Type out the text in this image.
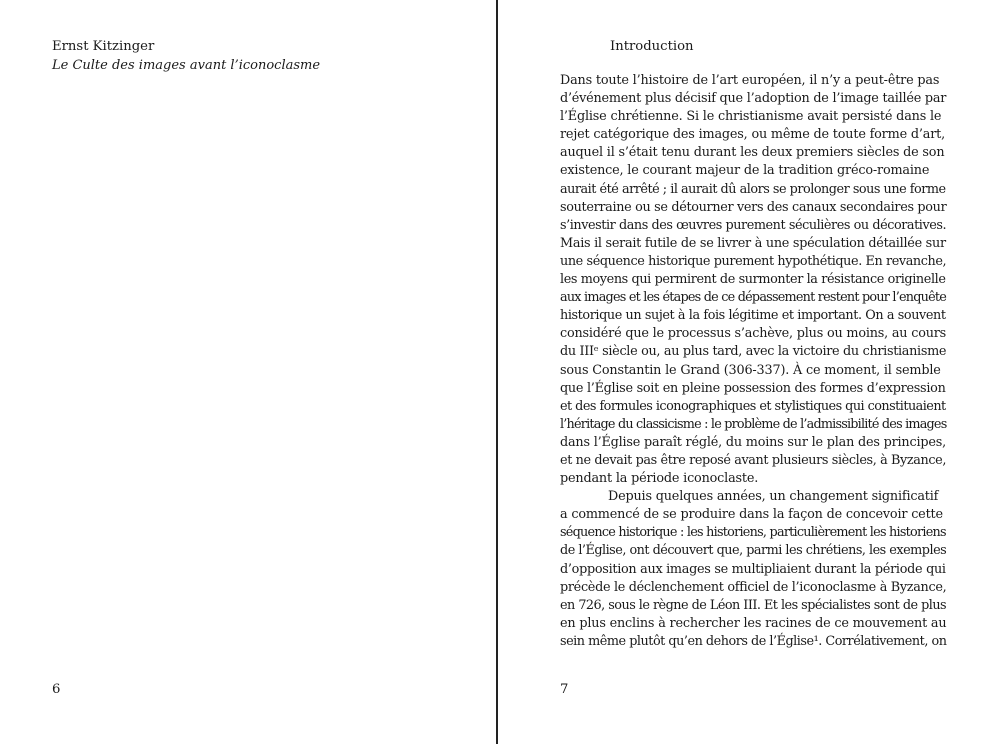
Ernst Kitzinger
Le Culte des images avant l’iconoclasme
6
Introduction
Dans toute l’histoire de l’art européen, il n’y a peut-être pas
d’événement plus décisif que l’adoption de l’image taillée par
l’Église chrétienne. Si le christianisme avait persisté dans le
rejet catégorique des images, ou même de toute forme d’art,
auquel il s’était tenu durant les deux premiers siècles de son
existence, le courant majeur de la tradition gréco-romaine
aurait été arrêté ; il aurait dû alors se prolonger sous une forme
souterraine ou se détourner vers des canaux secondaires pour
s’investir dans des œuvres purement séculières ou décoratives.
Mais il serait futile de se livrer à une spéculation détaillée sur
une séquence historique purement hypothétique. En revanche,
les moyens qui permirent de surmonter la résistance originelle
aux images et les étapes de ce dépassement restent pour l’enquête
historique un sujet à la fois légitime et important. On a souvent
considéré que le processus s’achève, plus ou moins, au cours
du IIIᵉ siècle ou, au plus tard, avec la victoire du christianisme
sous Constantin le Grand (306-337). À ce moment, il semble
que l’Église soit en pleine possession des formes d’expression
et des formules iconographiques et stylistiques qui constituaient
l’héritage du classicisme : le problème de l’admissibilité des images
dans l’Église paraît réglé, du moins sur le plan des principes,
et ne devait pas être reposé avant plusieurs siècles, à Byzance,
pendant la période iconoclaste.
Depuis quelques années, un changement significatif
a commencé de se produire dans la façon de concevoir cette
séquence historique : les historiens, particulièrement les historiens
de l’Église, ont découvert que, parmi les chrétiens, les exemples
d’opposition aux images se multipliaient durant la période qui
précède le déclenchement officiel de l’iconoclasme à Byzance,
en 726, sous le règne de Léon III. Et les spécialistes sont de plus
en plus enclins à rechercher les racines de ce mouvement au
sein même plutôt qu’en dehors de l’Église¹. Corrélativement, on
7
